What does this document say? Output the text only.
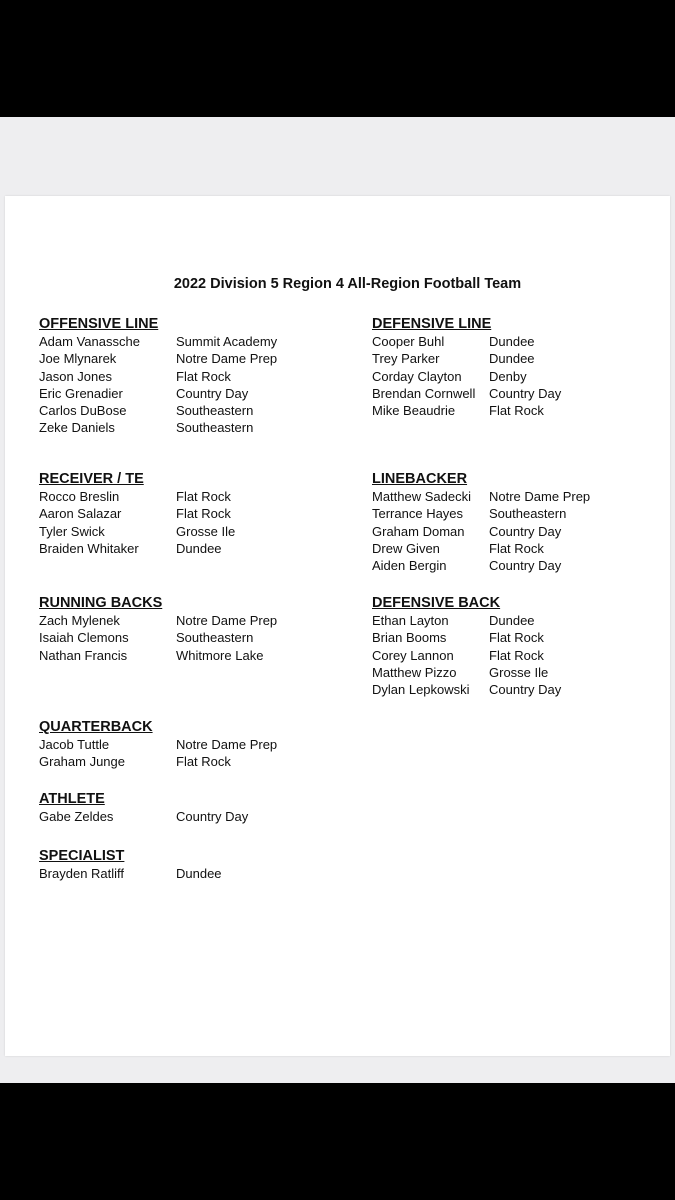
2022 Division 5 Region 4 All-Region Football Team
OFFENSIVE LINE
Adam Vanassche	Summit Academy
Joe Mlynarek	Notre Dame Prep
Jason Jones	Flat Rock
Eric Grenadier	Country Day
Carlos DuBose	Southeastern
Zeke Daniels	Southeastern
DEFENSIVE LINE
Cooper Buhl	Dundee
Trey Parker	Dundee
Corday Clayton	Denby
Brendan Cornwell	Country Day
Mike Beaudrie	Flat Rock
RECEIVER / TE
Rocco Breslin	Flat Rock
Aaron Salazar	Flat Rock
Tyler Swick	Grosse Ile
Braiden Whitaker	Dundee
LINEBACKER
Matthew Sadecki	Notre Dame Prep
Terrance Hayes	Southeastern
Graham Doman	Country Day
Drew Given	Flat Rock
Aiden Bergin	Country Day
RUNNING BACKS
Zach Mylenek	Notre Dame Prep
Isaiah Clemons	Southeastern
Nathan Francis	Whitmore Lake
DEFENSIVE BACK
Ethan Layton	Dundee
Brian Booms	Flat Rock
Corey Lannon	Flat Rock
Matthew Pizzo	Grosse Ile
Dylan Lepkowski	Country Day
QUARTERBACK
Jacob Tuttle	Notre Dame Prep
Graham Junge	Flat Rock
ATHLETE
Gabe Zeldes	Country Day
SPECIALIST
Brayden Ratliff	Dundee
